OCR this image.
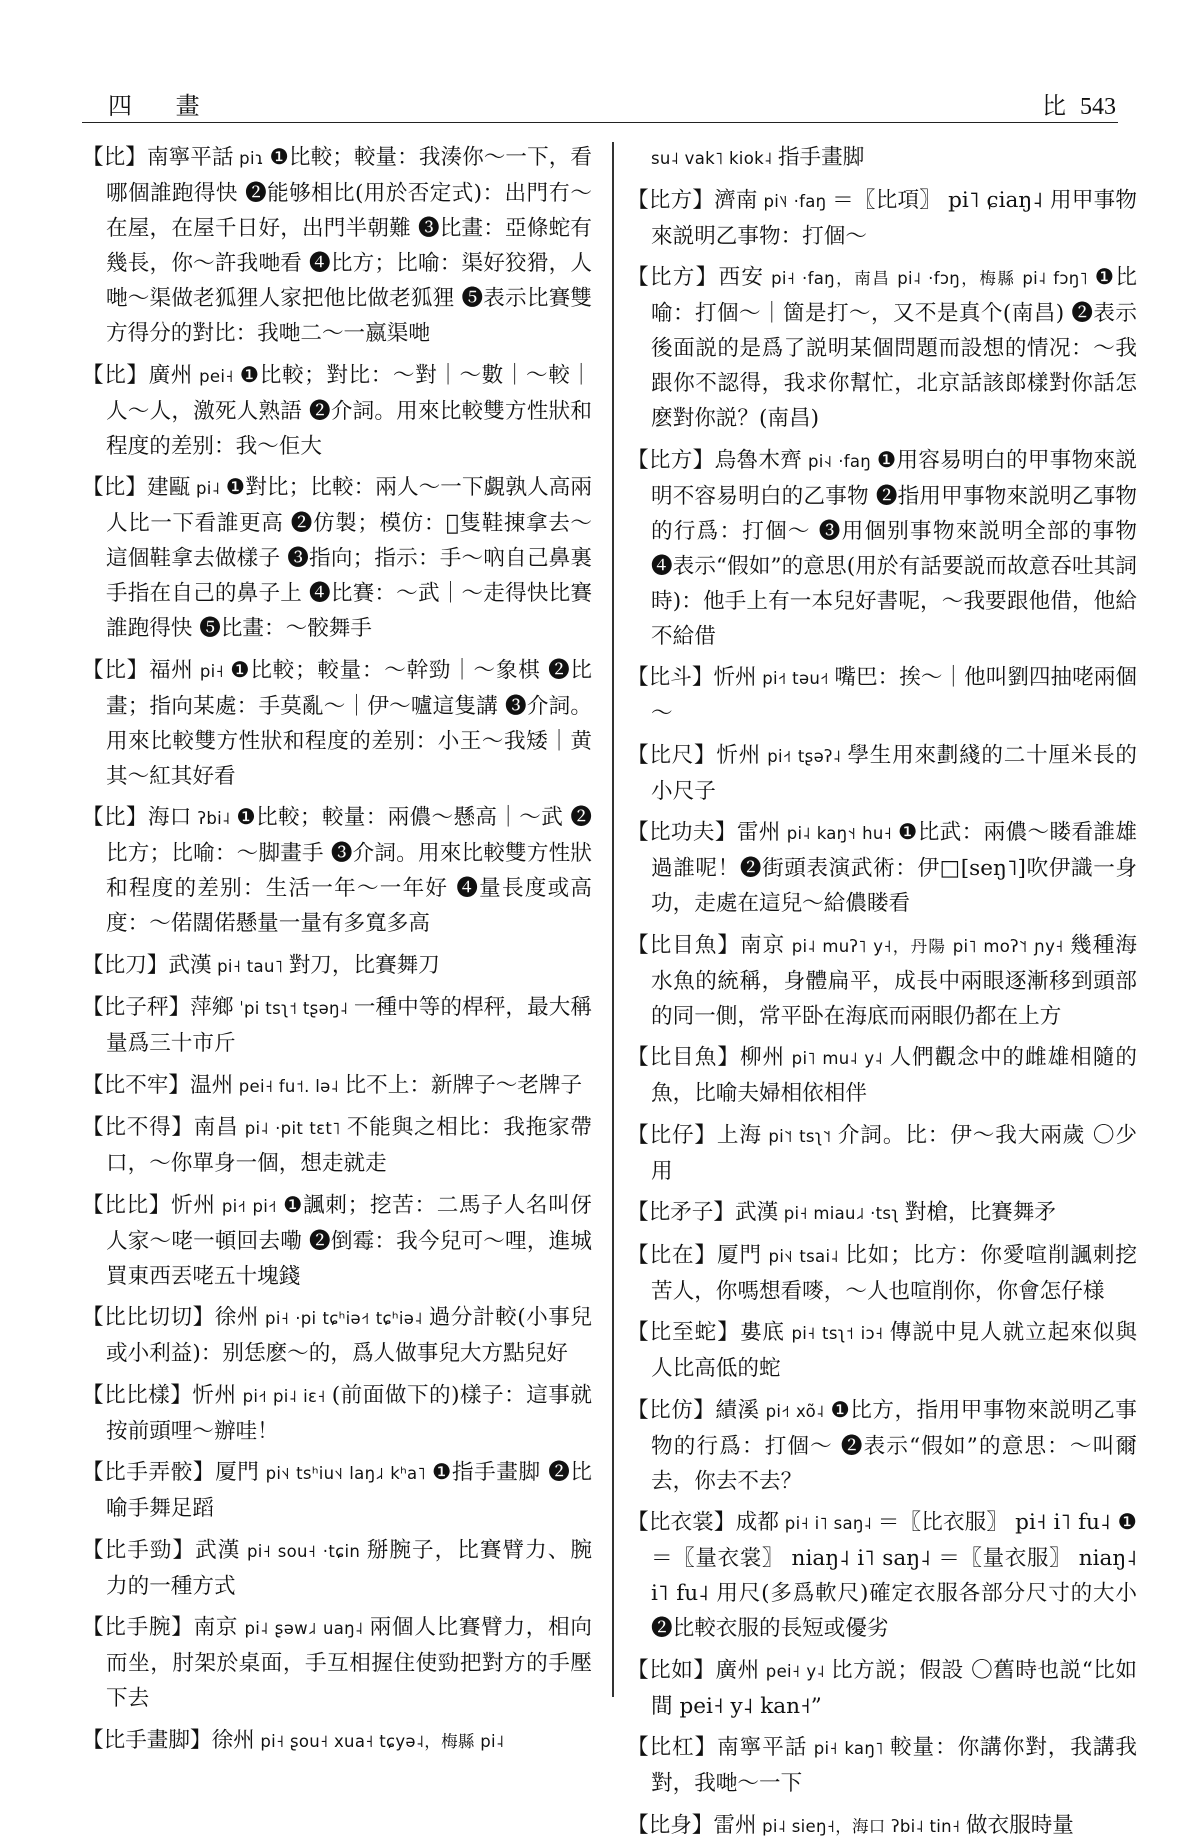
四 畫	比 543

【比】南寧平話 piɿ ❶比較；較量：我湊你～一下，看哪個誰跑得快 ❷能够相比(用於否定式)：出門冇～在屋，在屋千日好，出門半朝難 ❸比畫：亞條蛇有幾長，你～許我哋看 ❹比方；比喻：渠好狡猾，人哋～渠做老狐狸人家把他比做老狐狸 ❺表示比賽雙方得分的對比：我哋二～一嬴渠哋

【比】廣州 pei˧ ❶比較；對比：～對｜～數｜～較｜人～人，激死人熟語 ❷介詞。用來比較雙方性狀和程度的差别：我～佢大

【比】建甌 pi˨ ❶對比；比較：兩人～一下覷孰人高兩人比一下看誰更高 ❷仿製；模仿：𠲥隻鞋㨂拿去～這個鞋拿去做樣子 ❸指向；指示：手～吶自己鼻裏手指在自己的鼻子上 ❹比賽：～武｜～走得快比賽誰跑得快 ❺比畫：～骹舞手

【比】福州 pi˧ ❶比較；較量：～幹勁｜～象棋 ❷比畫；指向某處：手莫亂～｜伊～嚧這隻講 ❸介詞。用來比較雙方性狀和程度的差别：小王～我矮｜黄其～紅其好看

【比】海口 ʔbi˨ ❶比較；較量：兩儂～懸高｜～武 ❷比方；比喻：～脚畫手 ❸介詞。用來比較雙方性狀和程度的差别：生活一年～一年好 ❹量長度或高度：～偌闊偌懸量一量有多寬多高

【比刀】武漢 pi˧ tau˥ 對刀，比賽舞刀

【比子秤】萍鄉 ˈpi tsʅ˦ tʂəŋ˨ 一種中等的桿秤，最大稱量爲三十市斤

【比不牢】温州 pei˧ fu˦. lə˨ 比不上：新牌子～老牌子

【比不得】南昌 pi˨ ·pit tɛt˥ 不能與之相比：我拖家帶口，～你單身一個，想走就走

【比比】忻州 pi˧˦ pi˧˦ ❶諷刺；挖苦：二馬子人名叫伢人家～咾一頓回去嘞 ❷倒霉：我今兒可～哩，進城買東西丟咾五十塊錢

【比比切切】徐州 pi˧ ·pi tɕʰiə˧˦ tɕʰiə˨ 過分計較(小事兒或小利益)：别恁麽～的，爲人做事兒大方點兒好

【比比樣】忻州 pi˧˦ pi˨ iɛ˧ (前面做下的)樣子：這事就按前頭哩～辦哇！

【比手弄骹】厦門 pi˦˨ tsʰiu˦˨ laŋ˩˨ kʰa˥ ❶指手畫脚 ❷比喻手舞足蹈

【比手勁】武漢 pi˧ sou˧ ·tɕin 掰腕子，比賽臂力、腕力的一種方式

【比手腕】南京 pi˨ ʂəw˩˨ uaŋ˨ 兩個人比賽臂力，相向而坐，肘架於桌面，手互相握住使勁把對方的手壓下去

【比手畫脚】徐州 pi˧ ʂou˧ xua˧ tɕyə˨，梅縣 pi˨

su˨ vak˥ kiok˨ 指手畫脚

【比方】濟南 pi˥˨ ·faŋ ＝〖比項〗 pi˥ ɕiaŋ˨ 用甲事物來説明乙事物：打個～

【比方】西安 pi˧ ·faŋ，南昌 pi˨ ·fɔŋ，梅縣 pi˨ fɔŋ˥ ❶比喻：打個～｜箇是打～，又不是真个(南昌) ❷表示後面説的是爲了説明某個問題而設想的情况：～我跟你不認得，我求你幫忙，北京話該郎樣對你話怎麽對你説？(南昌)

【比方】烏魯木齊 pi˧˨ ·faŋ ❶用容易明白的甲事物來説明不容易明白的乙事物 ❷指用甲事物來説明乙事物的行爲：打個～ ❸用個别事物來説明全部的事物 ❹表示“假如”的意思(用於有話要説而故意吞吐其詞時)：他手上有一本兒好書呢，～我要跟他借，他給不給借

【比斗】忻州 pi˧˦ təu˧˦ 嘴巴：挨～｜他叫劉四抽咾兩個～

【比尺】忻州 pi˧˦ tʂəʔ˨ 學生用來劃綫的二十厘米長的小尺子

【比功夫】雷州 pi˨ kaŋ˦˧ hu˧ ❶比武：兩儂～䁖看誰雄過誰呢！❷街頭表演武術：伊□[seŋ˥]吹伊識一身功，走處在這兒～給儂䁖看

【比目魚】南京 pi˨ muʔ˥ y˧，丹陽 pi˥ moʔ˥˦ ɲy˧ 幾種海水魚的統稱，身體扁平，成長中兩眼逐漸移到頭部的同一側，常平卧在海底而兩眼仍都在上方

【比目魚】柳州 pi˥ mu˨ y˨ 人們觀念中的雌雄相隨的魚，比喻夫婦相依相伴

【比仔】上海 pi˥˦ tsʅ˥˦ 介詞。比：伊～我大兩歲 〇少用

【比矛子】武漢 pi˧ miau˩˨ ·tsʅ 對槍，比賽舞矛

【比在】厦門 pi˦˨ tsai˨ 比如；比方：你愛喧削諷刺挖苦人，你嗎想看嘜，～人也喧削你，你會怎仔様

【比至蛇】婁底 pi˧ tsʅ˦ iɔ˧ 傳説中見人就立起來似與人比高低的蛇

【比仿】績溪 pi˧˦ xõ˨ ❶比方，指用甲事物來説明乙事物的行爲：打個～ ❷表示“假如”的意思：～叫爾去，你去不去？

【比衣裳】成都 pi˧ i˥ saŋ˨ ＝〖比衣服〗 pi˧ i˥ fu˨ ❶＝〖量衣裳〗 niaŋ˨ i˥ saŋ˨ ＝〖量衣服〗 niaŋ˨ i˥ fu˨ 用尺(多爲軟尺)確定衣服各部分尺寸的大小 ❷比較衣服的長短或優劣

【比如】廣州 pei˧ y˨ 比方説；假設 〇舊時也説“比如間 pei˧ y˨ kan˧”

【比杠】南寧平話 pi˧ kaŋ˥ 較量：你講你對，我講我對，我哋～一下

【比身】雷州 pi˨ sieŋ˧，海口 ʔbi˨ tin˧ 做衣服時量
